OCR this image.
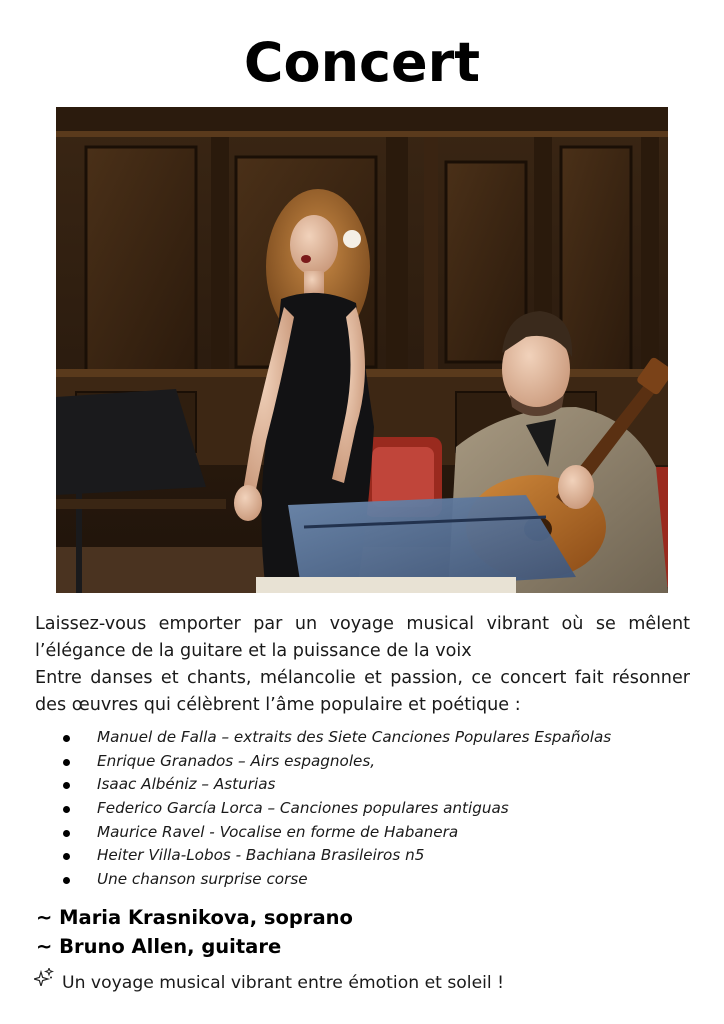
Concert

Laissez-vous emporter par un voyage musical vibrant où se mêlent

l’élégance de la guitare et la puissance de la voix

Entre danses et chants, mélancolie et passion, ce concert fait résonner

des œuvres qui célèbrent l’âme populaire et poétique :

Manuel de Falla – extraits des Siete Canciones Populares Españolas
Enrique Granados – Airs espagnoles,
Isaac Albéniz – Asturias
Federico García Lorca – Canciones populares antiguas
Maurice Ravel - Vocalise en forme de Habanera
Heiter Villa-Lobos - Bachiana Brasileiros n5
Une chanson surprise corse
~ Maria Krasnikova, soprano
~ Bruno Allen, guitare
Un voyage musical vibrant entre émotion et soleil !
